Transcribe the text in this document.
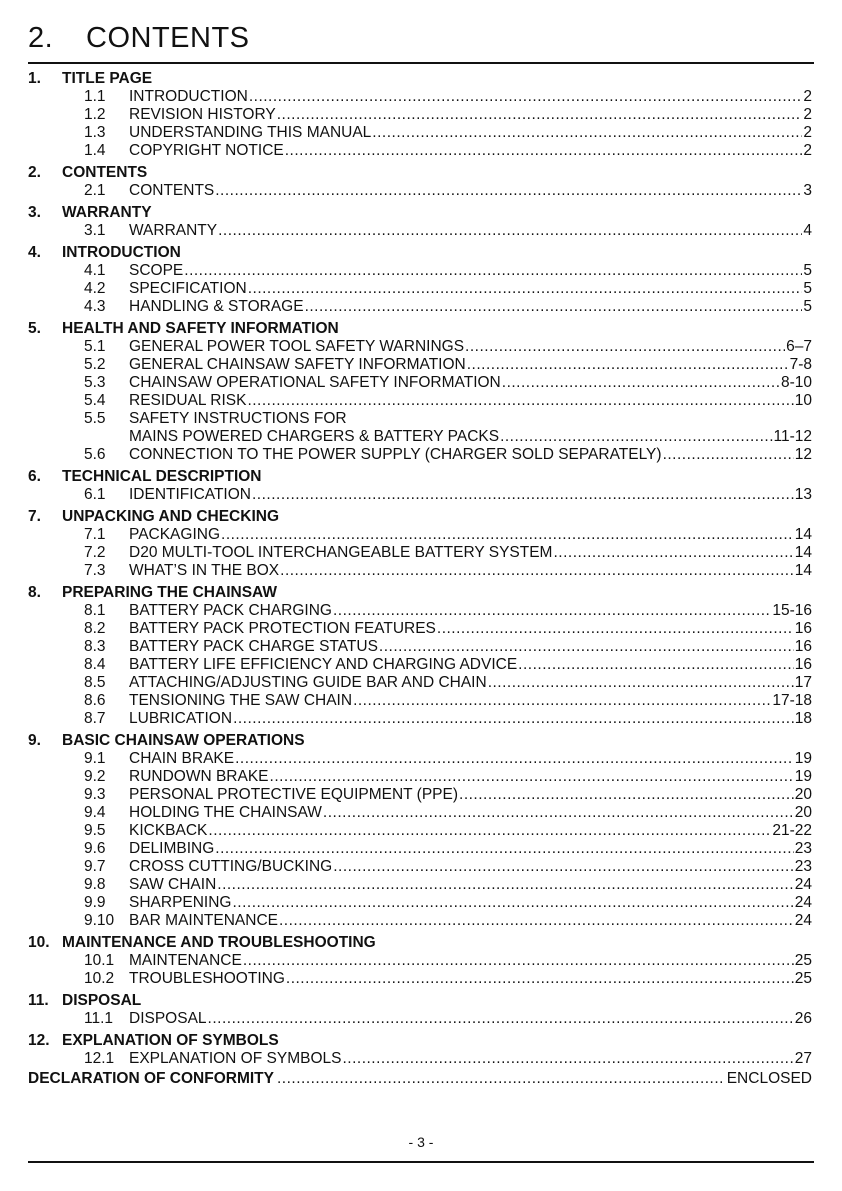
2.	CONTENTS
1.	TITLE PAGE
1.1	INTRODUCTION .....	2
1.2	REVISION HISTORY .....	2
1.3	UNDERSTANDING THIS MANUAL .....	2
1.4	COPYRIGHT NOTICE .....	2
2.	CONTENTS
2.1	CONTENTS .....	3
3.	WARRANTY
3.1	WARRANTY .....	4
4.	INTRODUCTION
4.1	SCOPE .....	5
4.2	SPECIFICATION .....	5
4.3	HANDLING & STORAGE .....	5
5.	HEALTH AND SAFETY INFORMATION
5.1	GENERAL POWER TOOL SAFETY WARNINGS .....	6–7
5.2	GENERAL CHAINSAW SAFETY INFORMATION .....	7-8
5.3	CHAINSAW OPERATIONAL SAFETY INFORMATION .....	8-10
5.4	RESIDUAL RISK .....	10
5.5	SAFETY INSTRUCTIONS FOR
MAINS POWERED CHARGERS & BATTERY PACKS .....	11-12
5.6	CONNECTION TO THE POWER SUPPLY (CHARGER SOLD SEPARATELY) .....	12
6.	TECHNICAL DESCRIPTION
6.1	IDENTIFICATION .....	13
7.	UNPACKING AND CHECKING
7.1	PACKAGING .....	14
7.2	D20 MULTI-TOOL INTERCHANGEABLE BATTERY SYSTEM .....	14
7.3	WHAT’S IN THE BOX .....	14
8.	PREPARING THE CHAINSAW
8.1	BATTERY PACK CHARGING .....	15-16
8.2	BATTERY PACK PROTECTION FEATURES .....	16
8.3	BATTERY PACK CHARGE STATUS .....	16
8.4	BATTERY LIFE EFFICIENCY AND CHARGING ADVICE .....	16
8.5	ATTACHING/ADJUSTING GUIDE BAR AND CHAIN .....	17
8.6	TENSIONING THE SAW CHAIN .....	17-18
8.7	LUBRICATION .....	18
9.	BASIC CHAINSAW OPERATIONS
9.1	CHAIN BRAKE .....	19
9.2	RUNDOWN BRAKE .....	19
9.3	PERSONAL PROTECTIVE EQUIPMENT (PPE) .....	20
9.4	HOLDING THE CHAINSAW .....	20
9.5	KICKBACK .....	21-22
9.6	DELIMBING .....	23
9.7	CROSS CUTTING/BUCKING .....	23
9.8	SAW CHAIN .....	24
9.9	SHARPENING .....	24
9.10 BAR MAINTENANCE .....	24
10. MAINTENANCE AND TROUBLESHOOTING
10.1 MAINTENANCE .....	25
10.2 TROUBLESHOOTING .....	25
11. DISPOSAL
11.1	DISPOSAL .....	26
12. EXPLANATION OF SYMBOLS
12.1 EXPLANATION OF SYMBOLS .....	27
DECLARATION OF CONFORMITY .....	ENCLOSED
- 3 -
